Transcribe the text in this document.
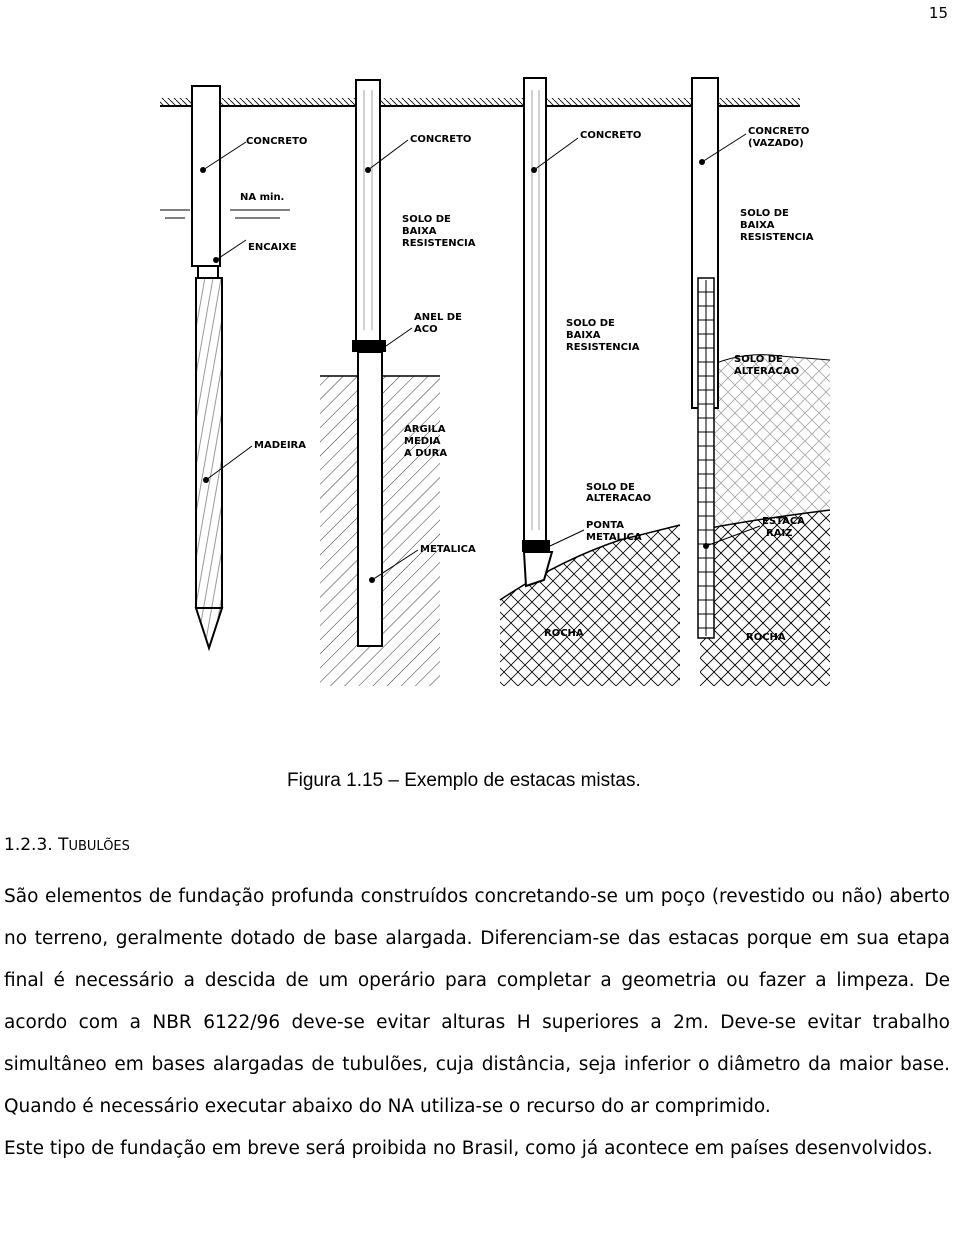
15
CONCRETO
NA min.
ENCAIXE
MADEIRA
CONCRETO
SOLO DE
BAIXA
RESISTENCIA
ANEL DE
ACO
ARGILA
MEDIA
A DURA
METALICA
CONCRETO
SOLO DE
BAIXA
RESISTENCIA
SOLO DE
ALTERACAO
PONTA
METALICA
ROCHA
CONCRETO
(VAZADO)
SOLO DE
BAIXA
RESISTENCIA
SOLO DE
ALTERACAO
ESTACA
RAIZ
ROCHA
Figura 1.15 – Exemplo de estacas mistas.
1.2.3. TUBULÕES

São elementos de fundação profunda construídos concretando-se um poço (revestido ou não) aberto no terreno, geralmente dotado de base alargada. Diferenciam-se das estacas porque em sua etapa final é necessário a descida de um operário para completar a geometria ou fazer a limpeza. De acordo com a NBR 6122/96 deve-se evitar alturas H superiores a 2m. Deve-se evitar trabalho simultâneo em bases alargadas de tubulões, cuja distância, seja inferior o diâmetro da maior base. Quando é necessário executar abaixo do NA utiliza-se o recurso do ar comprimido.

Este tipo de fundação em breve será proibida no Brasil, como já acontece em países desenvolvidos.
